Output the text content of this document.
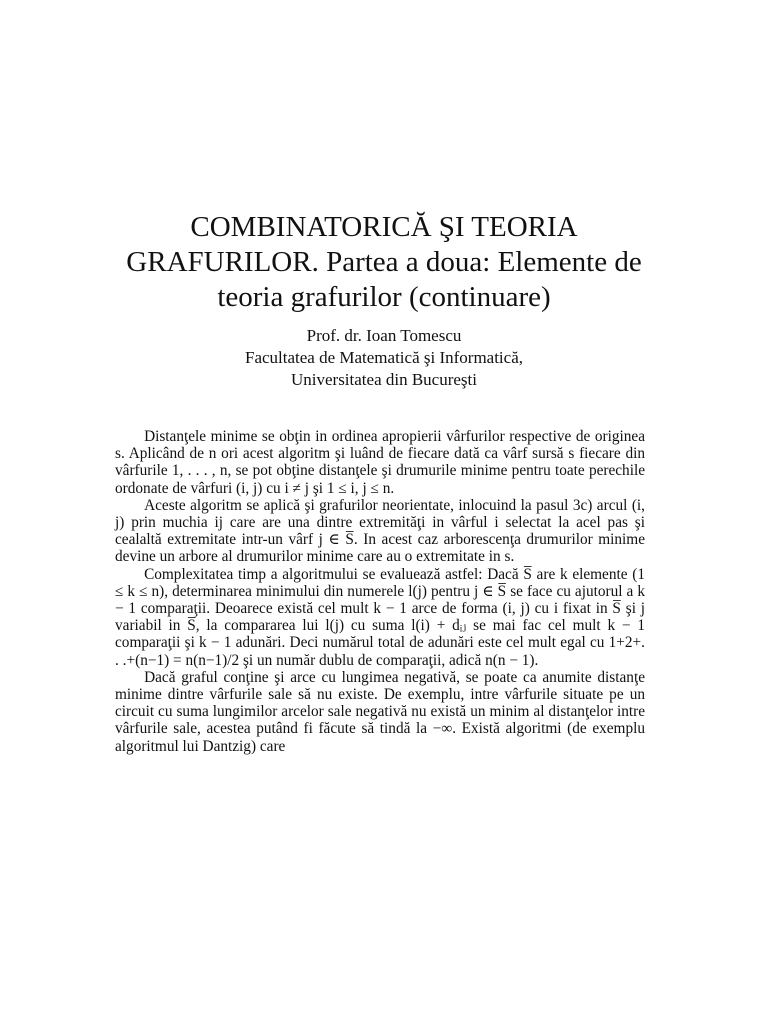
COMBINATORICĂ ŞI TEORIA
GRAFURILOR. Partea a doua: Elemente de
teoria grafurilor (continuare)
Prof. dr. Ioan Tomescu
Facultatea de Matematică şi Informatică,
Universitatea din Bucureşti

Distanţele minime se obţin in ordinea apropierii vârfurilor respective de originea s. Aplicând de n ori acest algoritm şi luând de fiecare dată ca vârf sursă s fiecare din vârfurile 1, . . . , n, se pot obţine distanţele şi drumurile minime pentru toate perechile ordonate de vârfuri (i, j) cu i ≠ j şi 1 ≤ i, j ≤ n.

Aceste algoritm se aplică şi grafurilor neorientate, inlocuind la pasul 3c) arcul (i, j) prin muchia ij care are una dintre extremităţi in vârful i selectat la acel pas şi cealaltă extremitate intr-un vârf j ∈ S̅. In acest caz arborescenţa drumurilor minime devine un arbore al drumurilor minime care au o extremitate in s.

Complexitatea timp a algoritmului se evaluează astfel: Dacă S̅ are k elemente (1 ≤ k ≤ n), determinarea minimului din numerele l(j) pentru j ∈ S̅ se face cu ajutorul a k − 1 comparaţii. Deoarece există cel mult k − 1 arce de forma (i, j) cu i fixat in S̅ şi j variabil in S̅, la compararea lui l(j) cu suma l(i) + dᵢⱼ se mai fac cel mult k − 1 comparaţii şi k − 1 adunări. Deci numărul total de adunări este cel mult egal cu 1+2+. . .+(n−1) = n(n−1)/2 şi un număr dublu de comparaţii, adică n(n − 1).

Dacă graful conţine şi arce cu lungimea negativă, se poate ca anumite distanţe minime dintre vârfurile sale să nu existe. De exemplu, intre vârfurile situate pe un circuit cu suma lungimilor arcelor sale negativă nu există un minim al distanţelor intre vârfurile sale, acestea putând fi făcute să tindă la −∞. Există algoritmi (de exemplu algoritmul lui Dantzig) care
